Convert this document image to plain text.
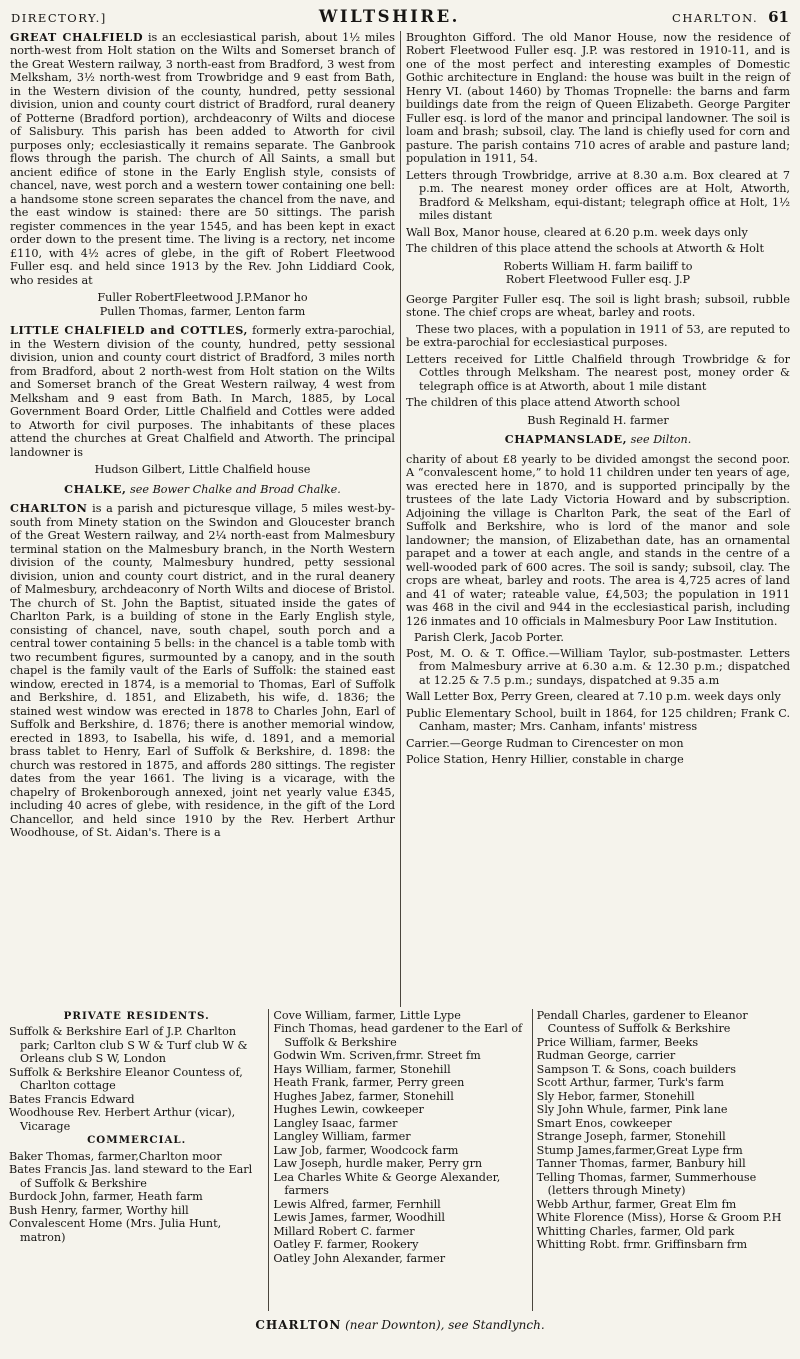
DIRECTORY.]	WILTSHIRE.	CHARLTON. 61

GREAT CHALFIELD is an ecclesiastical parish, about 1½ miles north-west from Holt station on the Wilts and Somerset branch of the Great Western railway, 3 north-east from Bradford, 3 west from Melksham, 3½ north-west from Trowbridge and 9 east from Bath, in the Western division of the county, hundred, petty sessional division, union and county court district of Bradford, rural deanery of Potterne (Bradford portion), archdeaconry of Wilts and diocese of Salisbury. This parish has been added to Atworth for civil purposes only; ecclesiastically it remains separate. The Ganbrook flows through the parish. The church of All Saints, a small but ancient edifice of stone in the Early English style, consists of chancel, nave, west porch and a western tower containing one bell: a handsome stone screen separates the chancel from the nave, and the east window is stained: there are 50 sittings. The parish register commences in the year 1545, and has been kept in exact order down to the present time. The living is a rectory, net income £110, with 4½ acres of glebe, in the gift of Robert Fleetwood Fuller esq. and held since 1913 by the Rev. John Liddiard Cook, who resides at

Fuller RobertFleetwood J.P.Manor ho
Pullen Thomas, farmer, Lenton farm

LITTLE CHALFIELD and COTTLES, formerly extra-parochial, in the Western division of the county, hundred, petty sessional division, union and county court district of Bradford, 3 miles north from Bradford, about 2 north-west from Holt station on the Wilts and Somerset branch of the Great Western railway, 4 west from Melksham and 9 east from Bath. In March, 1885, by Local Government Board Order, Little Chalfield and Cottles were added to Atworth for civil purposes. The inhabitants of these places attend the churches at Great Chalfield and Atworth. The principal landowner is

Hudson Gilbert, Little Chalfield house

CHALKE, see Bower Chalke and Broad Chalke.

CHARLTON is a parish and picturesque village, 5 miles west-by-south from Minety station on the Swindon and Gloucester branch of the Great Western railway, and 2¼ north-east from Malmesbury terminal station on the Malmesbury branch, in the North Western division of the county, Malmesbury hundred, petty sessional division, union and county court district, and in the rural deanery of Malmesbury, archdeaconry of North Wilts and diocese of Bristol. The church of St. John the Baptist, situated inside the gates of Charlton Park, is a building of stone in the Early English style, consisting of chancel, nave, south chapel, south porch and a central tower containing 5 bells: in the chancel is a table tomb with two recumbent figures, surmounted by a canopy, and in the south chapel is the family vault of the Earls of Suffolk: the stained east window, erected in 1874, is a memorial to Thomas, Earl of Suffolk and Berkshire, d. 1851, and Elizabeth, his wife, d. 1836; the stained west window was erected in 1878 to Charles John, Earl of Suffolk and Berkshire, d. 1876; there is another memorial window, erected in 1893, to Isabella, his wife, d. 1891, and a memorial brass tablet to Henry, Earl of Suffolk & Berkshire, d. 1898: the church was restored in 1875, and affords 280 sittings. The register dates from the year 1661. The living is a vicarage, with the chapelry of Brokenborough annexed, joint net yearly value £345, including 40 acres of glebe, with residence, in the gift of the Lord Chancellor, and held since 1910 by the Rev. Herbert Arthur Woodhouse, of St. Aidan's. There is a

Broughton Gifford. The old Manor House, now the residence of Robert Fleetwood Fuller esq. J.P. was restored in 1910-11, and is one of the most perfect and interesting examples of Domestic Gothic architecture in England: the house was built in the reign of Henry VI. (about 1460) by Thomas Tropnelle: the barns and farm buildings date from the reign of Queen Elizabeth. George Pargiter Fuller esq. is lord of the manor and principal landowner. The soil is loam and brash; subsoil, clay. The land is chiefly used for corn and pasture. The parish contains 710 acres of arable and pasture land; population in 1911, 54.

Letters through Trowbridge, arrive at 8.30 a.m. Box cleared at 7 p.m. The nearest money order offices are at Holt, Atworth, Bradford & Melksham, equi-distant; telegraph office at Holt, 1½ miles distant

Wall Box, Manor house, cleared at 6.20 p.m. week days only

The children of this place attend the schools at Atworth & Holt

Roberts William H. farm bailiff to
Robert Fleetwood Fuller esq. J.P

George Pargiter Fuller esq. The soil is light brash; subsoil, rubble stone. The chief crops are wheat, barley and roots.

These two places, with a population in 1911 of 53, are reputed to be extra-parochial for ecclesiastical purposes.

Letters received for Little Chalfield through Trowbridge & for Cottles through Melksham. The nearest post, money order & telegraph office is at Atworth, about 1 mile distant

The children of this place attend Atworth school

Bush Reginald H. farmer

CHAPMANSLADE, see Dilton.

charity of about £8 yearly to be divided amongst the second poor. A “convalescent home,” to hold 11 children under ten years of age, was erected here in 1870, and is supported principally by the trustees of the late Lady Victoria Howard and by subscription. Adjoining the village is Charlton Park, the seat of the Earl of Suffolk and Berkshire, who is lord of the manor and sole landowner; the mansion, of Elizabethan date, has an ornamental parapet and a tower at each angle, and stands in the centre of a well-wooded park of 600 acres. The soil is sandy; subsoil, clay. The crops are wheat, barley and roots. The area is 4,725 acres of land and 41 of water; rateable value, £4,503; the population in 1911 was 468 in the civil and 944 in the ecclesiastical parish, including 126 inmates and 10 officials in Malmesbury Poor Law Institution.

Parish Clerk, Jacob Porter.

Post, M. O. & T. Office.—William Taylor, sub-postmaster. Letters from Malmesbury arrive at 6.30 a.m. & 12.30 p.m.; dispatched at 12.25 & 7.5 p.m.; sundays, dispatched at 9.35 a.m

Wall Letter Box, Perry Green, cleared at 7.10 p.m. week days only

Public Elementary School, built in 1864, for 125 children; Frank C. Canham, master; Mrs. Canham, infants' mistress

Carrier.—George Rudman to Cirencester on mon

Police Station, Henry Hillier, constable in charge

PRIVATE RESIDENTS.
Suffolk & Berkshire Earl of J.P. Charlton park; Carlton club S W & Turf club W & Orleans club S W, London
Suffolk & Berkshire Eleanor Countess of, Charlton cottage
Bates Francis Edward
Woodhouse Rev. Herbert Arthur (vicar), Vicarage
COMMERCIAL.
Baker Thomas, farmer,Charlton moor
Bates Francis Jas. land steward to the Earl of Suffolk & Berkshire
Burdock John, farmer, Heath farm
Bush Henry, farmer, Worthy hill
Convalescent Home (Mrs. Julia Hunt, matron)
Cove William, farmer, Little Lype
Finch Thomas, head gardener to the Earl of Suffolk & Berkshire
Godwin Wm. Scriven,frmr. Street fm
Hays William, farmer, Stonehill
Heath Frank, farmer, Perry green
Hughes Jabez, farmer, Stonehill
Hughes Lewin, cowkeeper
Langley Isaac, farmer
Langley William, farmer
Law Job, farmer, Woodcock farm
Law Joseph, hurdle maker, Perry grn
Lea Charles White & George Alexander, farmers
Lewis Alfred, farmer, Fernhill
Lewis James, farmer, Woodhill
Millard Robert C. farmer
Oatley F. farmer, Rookery
Oatley John Alexander, farmer
Pendall Charles, gardener to Eleanor Countess of Suffolk & Berkshire
Price William, farmer, Beeks
Rudman George, carrier
Sampson T. & Sons, coach builders
Scott Arthur, farmer, Turk's farm
Sly Hebor, farmer, Stonehill
Sly John Whule, farmer, Pink lane
Smart Enos, cowkeeper
Strange Joseph, farmer, Stonehill
Stump James,farmer,Great Lype frm
Tanner Thomas, farmer, Banbury hill
Telling Thomas, farmer, Summerhouse (letters through Minety)
Webb Arthur, farmer, Great Elm fm
White Florence (Miss), Horse & Groom P.H
Whitting Charles, farmer, Old park
Whitting Robt. frmr. Griffinsbarn frm
CHARLTON (near Downton), see Standlynch.
